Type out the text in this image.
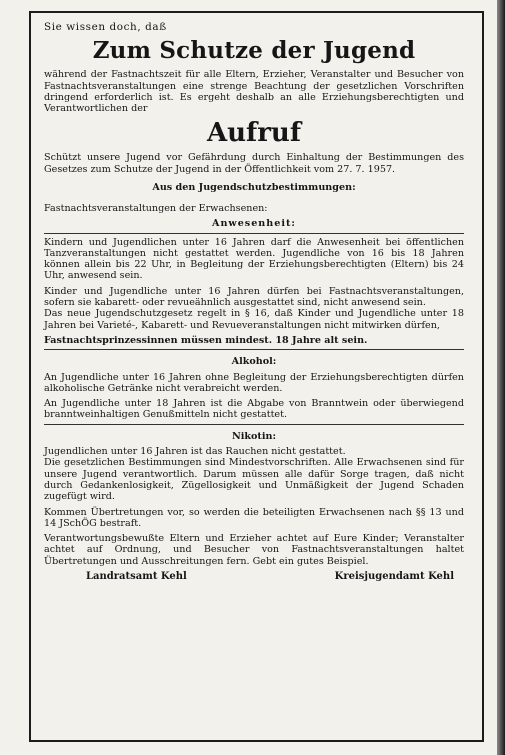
Sie wissen doch, daß

Zum Schutze der Jugend

während der Fastnachtszeit für alle Eltern, Erzieher, Veranstalter und Besucher von Fastnachtsveranstaltungen eine strenge Beachtung der gesetzlichen Vorschriften dringend erforderlich ist. Es ergeht deshalb an alle Erziehungsberechtigten und Verantwortlichen der

Aufruf

Schützt unsere Jugend vor Gefährdung durch Einhaltung der Bestimmungen des Gesetzes zum Schutze der Jugend in der Öffentlichkeit vom 27. 7. 1957.

Aus den Jugendschutzbestimmungen:

Fastnachtsveranstaltungen der Erwachsenen:

Anwesenheit:

Kindern und Jugendlichen unter 16 Jahren darf die Anwesenheit bei öffentlichen Tanzveranstaltungen nicht gestattet werden. Jugendliche von 16 bis 18 Jahren können allein bis 22 Uhr, in Begleitung der Erziehungsberechtigten (Eltern) bis 24 Uhr, anwesend sein.

Kinder und Jugendliche unter 16 Jahren dürfen bei Fastnachtsveranstaltungen, sofern sie kabarett- oder revueähnlich ausgestattet sind, nicht anwesend sein.

Das neue Jugendschutzgesetz regelt in § 16, daß Kinder und Jugendliche unter 18 Jahren bei Varieté-, Kabarett- und Revueveranstaltungen nicht mitwirken dürfen,

Fastnachtsprinzessinnen müssen mindest. 18 Jahre alt sein.

Alkohol:

An Jugendliche unter 16 Jahren ohne Begleitung der Erziehungsberechtigten dürfen alkoholische Getränke nicht verabreicht werden.

An Jugendliche unter 18 Jahren ist die Abgabe von Branntwein oder überwiegend branntweinhaltigen Genußmitteln nicht gestattet.

Nikotin:

Jugendlichen unter 16 Jahren ist das Rauchen nicht gestattet.

Die gesetzlichen Bestimmungen sind Mindestvorschriften. Alle Erwachsenen sind für unsere Jugend verantwortlich. Darum müssen alle dafür Sorge tragen, daß nicht durch Gedankenlosigkeit, Zügellosigkeit und Unmäßigkeit der Jugend Schaden zugefügt wird.

Kommen Übertretungen vor, so werden die beteiligten Erwachsenen nach §§ 13 und 14 JSchÖG bestraft.

Verantwortungsbewußte Eltern und Erzieher achtet auf Eure Kinder; Veranstalter achtet auf Ordnung, und Besucher von Fastnachtsveranstaltungen haltet Übertretungen und Ausschreitungen fern. Gebt ein gutes Beispiel.

Landratsamt Kehl	Kreisjugendamt Kehl
